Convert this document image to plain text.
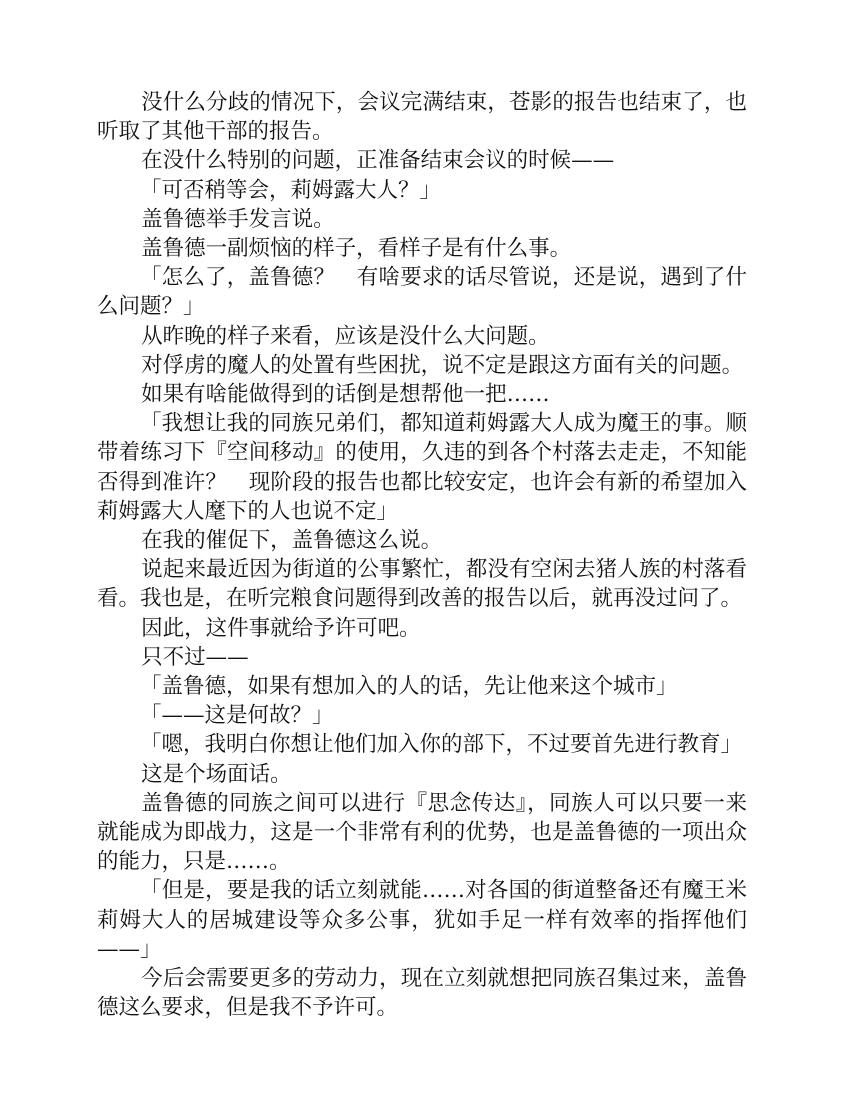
没什么分歧的情况下，会议完满结束，苍影的报告也结束了，也听取了其他干部的报告。

在没什么特别的问题，正准备结束会议的时候——

「可否稍等会，莉姆露大人？」

盖鲁德举手发言说。

盖鲁德一副烦恼的样子，看样子是有什么事。

「怎么了，盖鲁德？　有啥要求的话尽管说，还是说，遇到了什么问题？」

从昨晚的样子来看，应该是没什么大问题。

对俘虏的魔人的处置有些困扰，说不定是跟这方面有关的问题。

如果有啥能做得到的话倒是想帮他一把……

「我想让我的同族兄弟们，都知道莉姆露大人成为魔王的事。顺带着练习下『空间移动』的使用，久违的到各个村落去走走，不知能否得到准许？　现阶段的报告也都比较安定，也许会有新的希望加入莉姆露大人麾下的人也说不定」

在我的催促下，盖鲁德这么说。

说起来最近因为街道的公事繁忙，都没有空闲去猪人族的村落看看。我也是，在听完粮食问题得到改善的报告以后，就再没过问了。

因此，这件事就给予许可吧。

只不过——

「盖鲁德，如果有想加入的人的话，先让他来这个城市」

「——这是何故？」

「嗯，我明白你想让他们加入你的部下，不过要首先进行教育」

这是个场面话。

盖鲁德的同族之间可以进行『思念传达』，同族人可以只要一来就能成为即战力，这是一个非常有利的优势，也是盖鲁德的一项出众的能力，只是……。

「但是，要是我的话立刻就能……对各国的街道整备还有魔王米莉姆大人的居城建设等众多公事，犹如手足一样有效率的指挥他们——」

今后会需要更多的劳动力，现在立刻就想把同族召集过来，盖鲁德这么要求，但是我不予许可。
